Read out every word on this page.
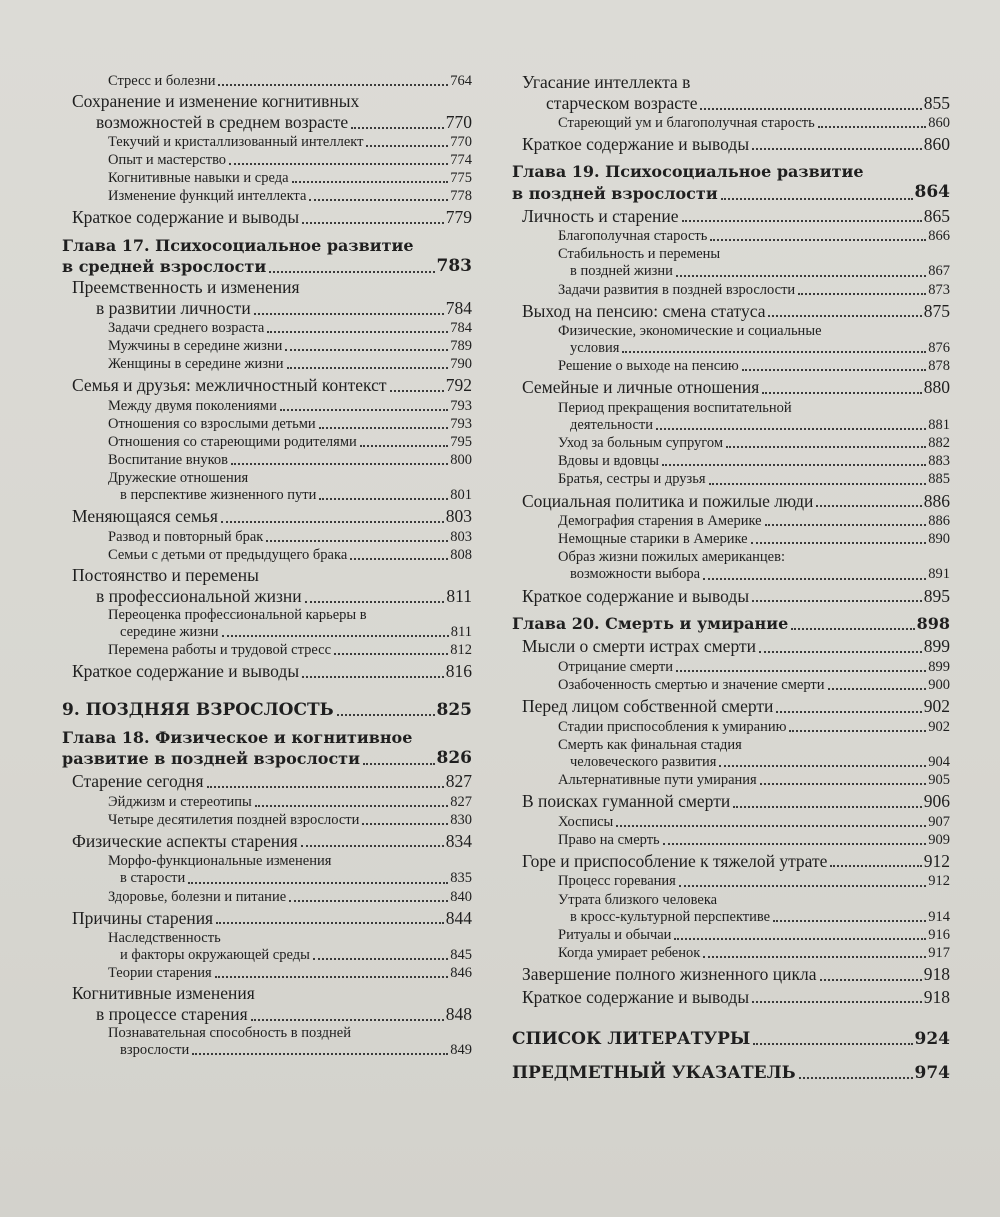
Стресс и болезни	764
Сохранение и изменение когнитивных
возможностей в среднем возрасте	770
Текучий и кристаллизованный интеллект	770
Опыт и мастерство	774
Когнитивные навыки и среда	775
Изменение функций интеллекта	778
Краткое содержание и выводы	779
Глава 17. Психосоциальное развитие
в средней взрослости	783
Преемственность и изменения
в развитии личности	784
Задачи среднего возраста	784
Мужчины в середине жизни	789
Женщины в середине жизни	790
Семья и друзья: межличностный контекст	792
Между двумя поколениями	793
Отношения со взрослыми детьми	793
Отношения со стареющими родителями	795
Воспитание внуков	800
Дружеские отношения
в перспективе жизненного пути	801
Меняющаяся семья	803
Развод и повторный брак	803
Семьи с детьми от предыдущего брака	808
Постоянство и перемены
в профессиональной жизни	811
Переоценка профессиональной карьеры в
середине жизни	811
Перемена работы и трудовой стресс	812
Краткое содержание и выводы	816
9. ПОЗДНЯЯ ВЗРОСЛОСТЬ	825
Глава 18. Физическое и когнитивное
развитие в поздней взрослости	826
Старение сегодня	827
Эйджизм и стереотипы	827
Четыре десятилетия поздней взрослости	830
Физические аспекты старения	834
Морфо-функциональные изменения
в старости	835
Здоровье, болезни и питание	840
Причины старения	844
Наследственность
и факторы окружающей среды	845
Теории старения	846
Когнитивные изменения
в процессе старения	848
Познавательная способность в поздней
взрослости	849
Угасание интеллекта в
старческом возрасте	855
Стареющий ум и благополучная старость	860
Краткое содержание и выводы	860
Глава 19. Психосоциальное развитие
в поздней взрослости	864
Личность и старение	865
Благополучная старость	866
Стабильность и перемены
в поздней жизни	867
Задачи развития в поздней взрослости	873
Выход на пенсию: смена статуса	875
Физические, экономические и социальные
условия	876
Решение о выходе на пенсию	878
Семейные и личные отношения	880
Период прекращения воспитательной
деятельности	881
Уход за больным супругом	882
Вдовы и вдовцы	883
Братья, сестры и друзья	885
Социальная политика и пожилые люди	886
Демография старения в Америке	886
Немощные старики в Америке	890
Образ жизни пожилых американцев:
возможности выбора	891
Краткое содержание и выводы	895
Глава 20. Смерть и умирание	898
Мысли о смерти истрах смерти	899
Отрицание смерти	899
Озабоченность смертью и значение смерти	900
Перед лицом собственной смерти	902
Стадии приспособления к умиранию	902
Смерть как финальная стадия
человеческого развития	904
Альтернативные пути умирания	905
В поисках гуманной смерти	906
Хосписы	907
Право на смерть	909
Горе и приспособление к тяжелой утрате	912
Процесс горевания	912
Утрата близкого человека
в кросс-культурной перспективе	914
Ритуалы и обычаи	916
Когда умирает ребенок	917
Завершение полного жизненного цикла	918
Краткое содержание и выводы	918
СПИСОК ЛИТЕРАТУРЫ	924
ПРЕДМЕТНЫЙ УКАЗАТЕЛЬ	974
